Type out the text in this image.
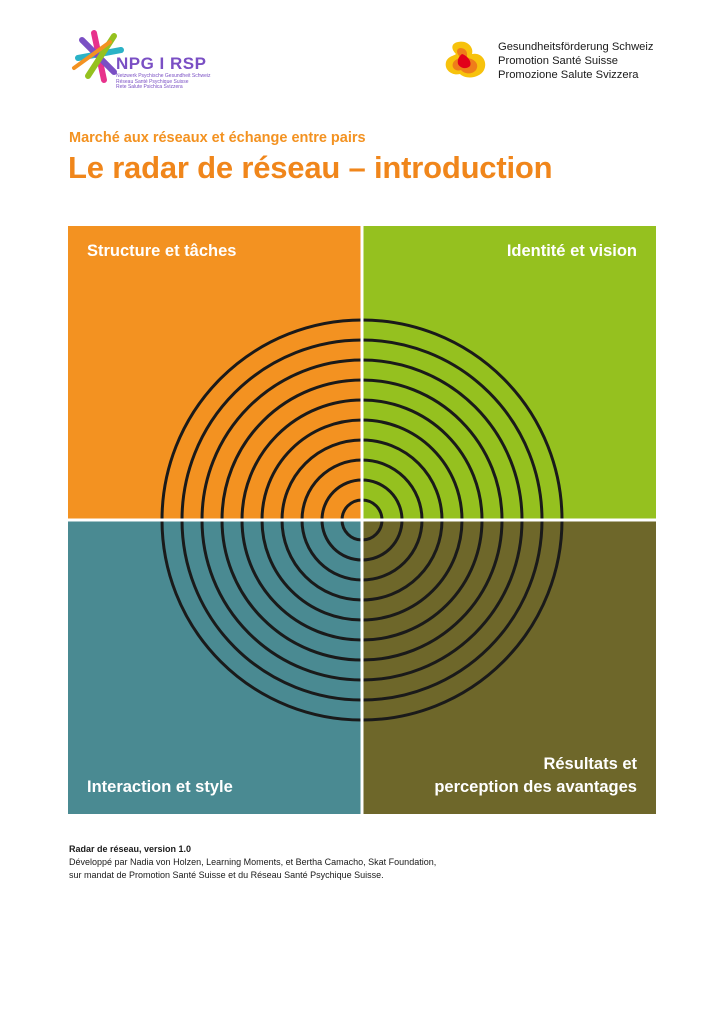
NPG I RSP
Netzwerk Psychische Gesundheit Schweiz
Réseau Santé Psychique Suisse
Rete Salute Psichica Svizzera
Gesundheitsförderung Schweiz
Promotion Santé Suisse
Promozione Salute Svizzera
Marché aux réseaux et échange entre pairs
Le radar de réseau – introduction
Structure et tâches	Identité et vision
Interaction et style
Résultats et
perception des avantages
Radar de réseau, version 1.0
Développé par Nadia von Holzen, Learning Moments, et Bertha Camacho, Skat Foundation,
sur mandat de Promotion Santé Suisse et du Réseau Santé Psychique Suisse.
